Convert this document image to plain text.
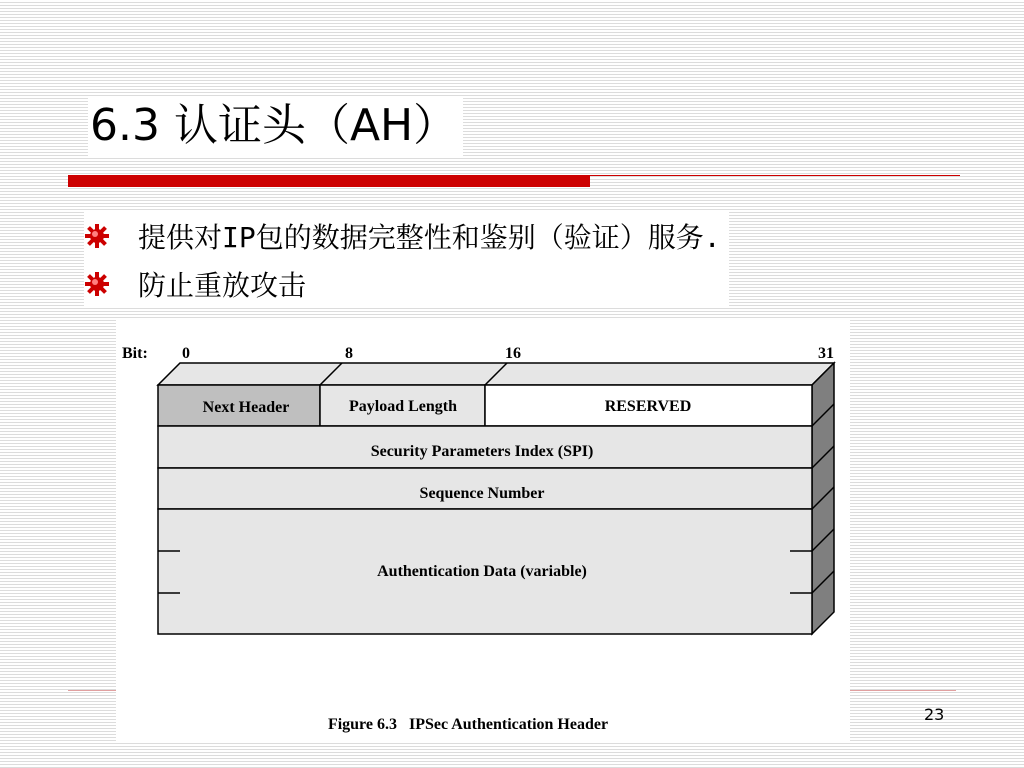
6.3 认证头（AH）
提供对IP包的数据完整性和鉴别（验证）服务.
防止重放攻击
Bit: 0	8	16	31
Next Header	Payload Length	RESERVED
Security Parameters Index (SPI)
Sequence Number
Authentication Data (variable)
Figure 6.3   IPSec Authentication Header
23
